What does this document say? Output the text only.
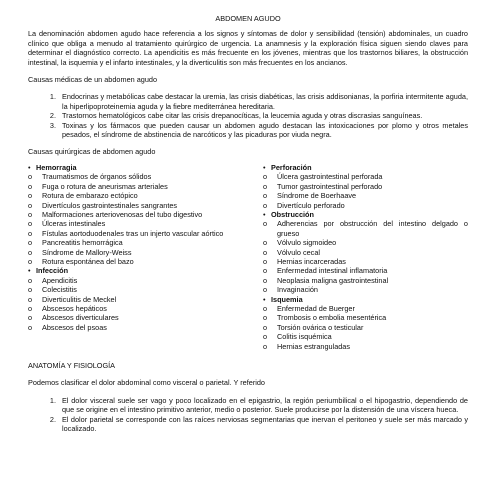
ABDOMEN AGUDO

La denominación abdomen agudo hace referencia a los signos y síntomas de dolor y sensibilidad (tensión) abdominales, un cuadro clínico que obliga a menudo al tratamiento quirúrgico de urgencia. La anamnesis y la exploración física siguen siendo claves para determinar el diagnóstico correcto. La apendicitis es más frecuente en los jóvenes, mientras que los trastornos biliares, la obstrucción intestinal, la isquemia y el infarto intestinales, y la diverticulitis son más frecuentes en los ancianos.

Causas médicas de un abdomen agudo

1. Endocrinas y metabólicas cabe destacar la uremia, las crisis diabéticas, las crisis addisonianas, la porfiria intermitente aguda, la hiperlipoproteinemia aguda y la fiebre mediterránea hereditaria.
2. Trastornos hematológicos cabe citar las crisis drepanocíticas, la leucemia aguda y otras discrasias sanguíneas.
3. Toxinas y los fármacos que pueden causar un abdomen agudo destacan las intoxicaciones por plomo y otros metales pesados, el síndrome de abstinencia de narcóticos y las picaduras por viuda negra.

Causas quirúrgicas de abdomen agudo

• Hemorragia
o	Traumatismos de órganos sólidos
o	Fuga o rotura de aneurismas arteriales
o	Rotura de embarazo ectópico
o	Divertículos gastrointestinales sangrantes
o	Malformaciones arteriovenosas del tubo digestivo
o	Úlceras intestinales
o	Fístulas aortoduodenales tras un injerto vascular aórtico
o	Pancreatitis hemorrágica
o	Síndrome de Mallory-Weiss
o	Rotura espontánea del bazo
• Infección
o	Apendicitis
o	Colecistitis
o	Diverticulitis de Meckel
o	Abscesos hepáticos
o	Abscesos diverticulares
o	Abscesos del psoas
• Perforación
o	Úlcera gastrointestinal perforada
o	Tumor gastrointestinal perforado
o	Síndrome de Boerhaave
o	Divertículo perforado
• Obstrucción
o	Adherencias por obstrucción del intestino delgado o grueso
o	Vólvulo sigmoideo
o	Vólvulo cecal
o	Hernias incarceradas
o	Enfermedad intestinal inflamatoria
o	Neoplasia maligna gastrointestinal
o	Invaginación
• Isquemia
o	Enfermedad de Buerger
o	Trombosis o embolia mesentérica
o	Torsión ovárica o testicular
o	Colitis isquémica
o	Hernias estranguladas

ANATOMÍA Y FISIOLOGÍA

Podemos clasificar el dolor abdominal como visceral o parietal. Y referido

1. El dolor visceral suele ser vago y poco localizado en el epigastrio, la región periumbilical o el hipogastrio, dependiendo de que se origine en el intestino primitivo anterior, medio o posterior. Suele producirse por la distensión de una víscera hueca.
2. El dolor parietal se corresponde con las raíces nerviosas segmentarias que inervan el peritoneo y suele ser más marcado y localizado.
